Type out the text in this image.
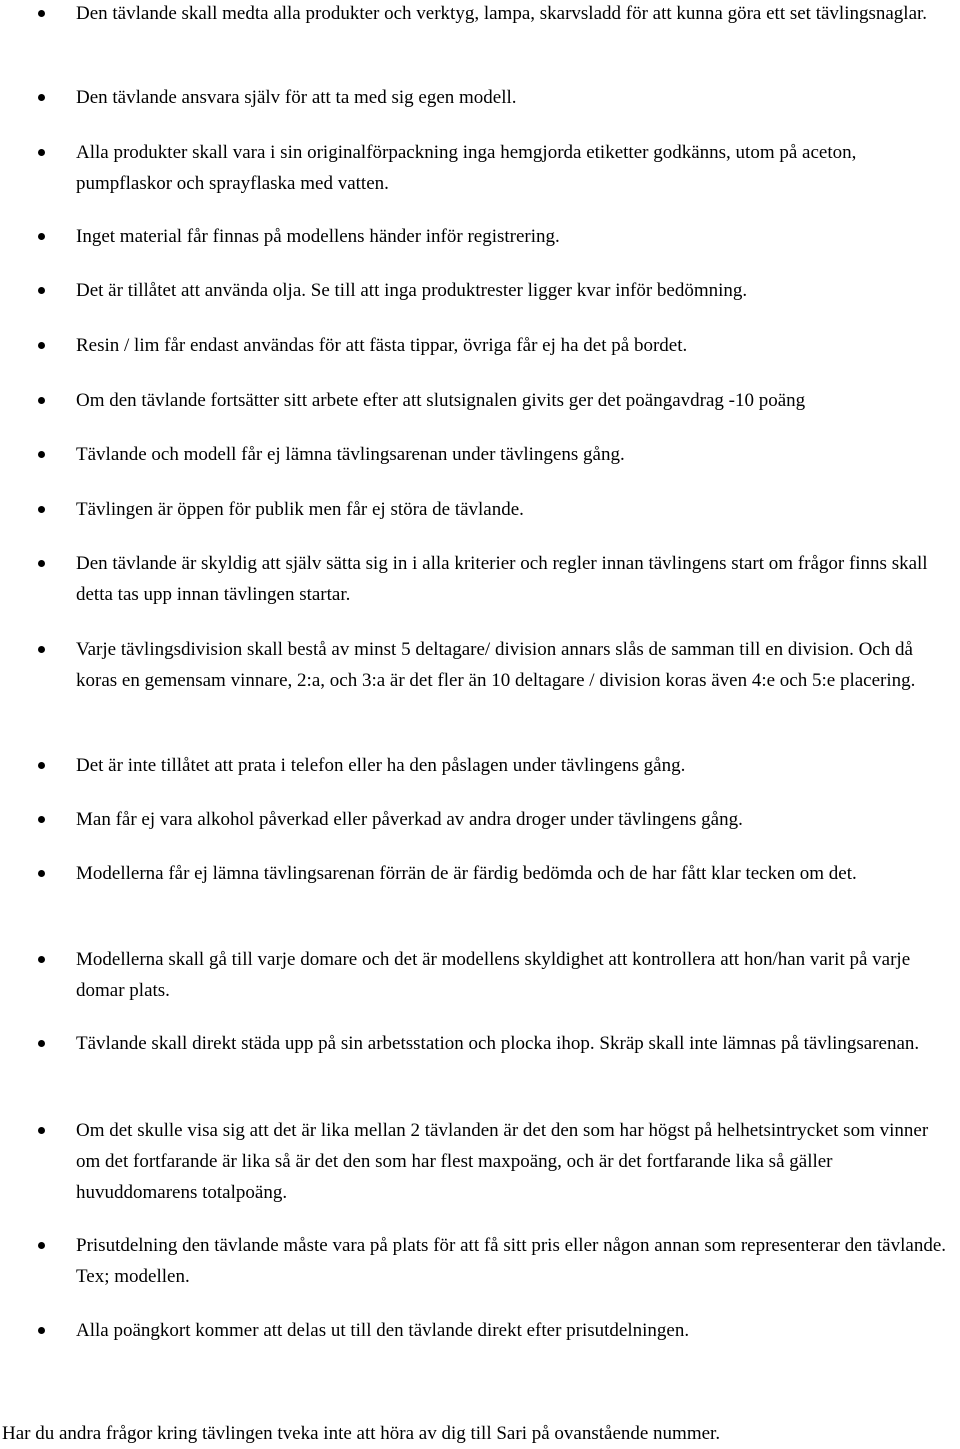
Den tävlande skall medta alla produkter och verktyg, lampa, skarvsladd för att kunna göra ett set tävlingsnaglar.
Den tävlande ansvara själv för att ta med sig egen modell.
Alla produkter skall vara i sin originalförpackning inga hemgjorda etiketter godkänns, utom på aceton, pumpflaskor och sprayflaska med vatten.
Inget material får finnas på modellens händer inför registrering.
Det är tillåtet att använda olja. Se till att inga produktrester ligger kvar inför bedömning.
Resin / lim får endast användas för att fästa tippar, övriga får ej ha det på bordet.
Om den tävlande fortsätter sitt arbete efter att slutsignalen givits ger det poängavdrag -10 poäng
Tävlande och modell får ej lämna tävlingsarenan under tävlingens gång.
Tävlingen är öppen för publik men får ej störa de tävlande.
Den tävlande är skyldig att själv sätta sig in i alla kriterier och regler innan tävlingens start om frågor finns skall detta tas upp innan tävlingen startar.
Varje tävlingsdivision skall bestå av minst 5 deltagare/ division annars slås de samman till en division. Och då koras en gemensam vinnare, 2:a, och 3:a är det fler än 10 deltagare / division koras även 4:e och 5:e placering.
Det är inte tillåtet att prata i telefon eller ha den påslagen under tävlingens gång.
Man får ej vara alkohol påverkad eller påverkad av andra droger under tävlingens gång.
Modellerna får ej lämna tävlingsarenan förrän de är färdig bedömda och de har fått klar tecken om det.
Modellerna skall gå till varje domare och det är modellens skyldighet att kontrollera att hon/han varit på varje domar plats.
Tävlande skall direkt städa upp på sin arbetsstation och plocka ihop. Skräp skall inte lämnas på tävlingsarenan.
Om det skulle visa sig att det är lika mellan 2 tävlanden är det den som har högst på helhetsintrycket som vinner om det fortfarande är lika så är det den som har flest maxpoäng, och är det fortfarande lika så gäller huvuddomarens totalpoäng.
Prisutdelning den tävlande måste vara på plats för att få sitt pris eller någon annan som representerar den tävlande. Tex; modellen.
Alla poängkort kommer att delas ut till den tävlande direkt efter prisutdelningen.
Har du andra frågor kring tävlingen tveka inte att höra av dig till Sari på ovanstående nummer.
